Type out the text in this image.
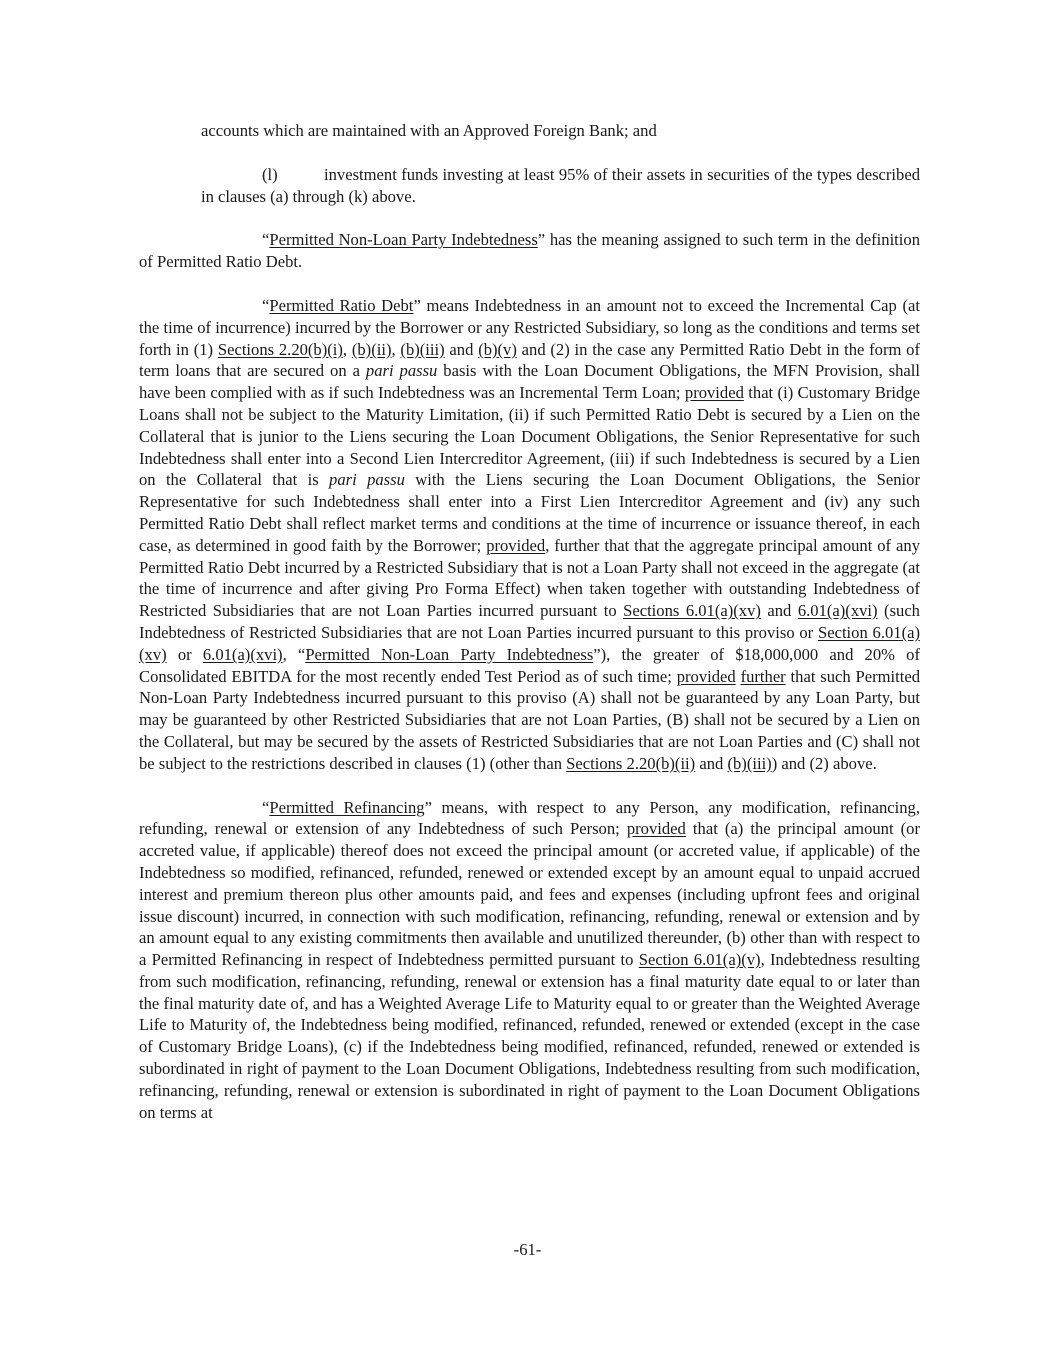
accounts which are maintained with an Approved Foreign Bank; and

(l)	investment funds investing at least 95% of their assets in securities of the types described in clauses (a) through (k) above.

“Permitted Non-Loan Party Indebtedness” has the meaning assigned to such term in the definition of Permitted Ratio Debt.

“Permitted Ratio Debt” means Indebtedness in an amount not to exceed the Incremental Cap (at the time of incurrence) incurred by the Borrower or any Restricted Subsidiary, so long as the conditions and terms set forth in (1) Sections 2.20(b)(i), (b)(ii), (b)(iii) and (b)(v) and (2) in the case any Permitted Ratio Debt in the form of term loans that are secured on a pari passu basis with the Loan Document Obligations, the MFN Provision, shall have been complied with as if such Indebtedness was an Incremental Term Loan; provided that (i) Customary Bridge Loans shall not be subject to the Maturity Limitation, (ii) if such Permitted Ratio Debt is secured by a Lien on the Collateral that is junior to the Liens securing the Loan Document Obligations, the Senior Representative for such Indebtedness shall enter into a Second Lien Intercreditor Agreement, (iii) if such Indebtedness is secured by a Lien on the Collateral that is pari passu with the Liens securing the Loan Document Obligations, the Senior Representative for such Indebtedness shall enter into a First Lien Intercreditor Agreement and (iv) any such Permitted Ratio Debt shall reflect market terms and conditions at the time of incurrence or issuance thereof, in each case, as determined in good faith by the Borrower; provided, further that that the aggregate principal amount of any Permitted Ratio Debt incurred by a Restricted Subsidiary that is not a Loan Party shall not exceed in the aggregate (at the time of incurrence and after giving Pro Forma Effect) when taken together with outstanding Indebtedness of Restricted Subsidiaries that are not Loan Parties incurred pursuant to Sections 6.01(a)(xv) and 6.01(a)(xvi) (such Indebtedness of Restricted Subsidiaries that are not Loan Parties incurred pursuant to this proviso or Section 6.01(a)(xv) or 6.01(a)(xvi), “Permitted Non-Loan Party Indebtedness”), the greater of $18,000,000 and 20% of Consolidated EBITDA for the most recently ended Test Period as of such time; provided further that such Permitted Non-Loan Party Indebtedness incurred pursuant to this proviso (A) shall not be guaranteed by any Loan Party, but may be guaranteed by other Restricted Subsidiaries that are not Loan Parties, (B) shall not be secured by a Lien on the Collateral, but may be secured by the assets of Restricted Subsidiaries that are not Loan Parties and (C) shall not be subject to the restrictions described in clauses (1) (other than Sections 2.20(b)(ii) and (b)(iii)) and (2) above.

“Permitted Refinancing” means, with respect to any Person, any modification, refinancing, refunding, renewal or extension of any Indebtedness of such Person; provided that (a) the principal amount (or accreted value, if applicable) thereof does not exceed the principal amount (or accreted value, if applicable) of the Indebtedness so modified, refinanced, refunded, renewed or extended except by an amount equal to unpaid accrued interest and premium thereon plus other amounts paid, and fees and expenses (including upfront fees and original issue discount) incurred, in connection with such modification, refinancing, refunding, renewal or extension and by an amount equal to any existing commitments then available and unutilized thereunder, (b) other than with respect to a Permitted Refinancing in respect of Indebtedness permitted pursuant to Section 6.01(a)(v), Indebtedness resulting from such modification, refinancing, refunding, renewal or extension has a final maturity date equal to or later than the final maturity date of, and has a Weighted Average Life to Maturity equal to or greater than the Weighted Average Life to Maturity of, the Indebtedness being modified, refinanced, refunded, renewed or extended (except in the case of Customary Bridge Loans), (c) if the Indebtedness being modified, refinanced, refunded, renewed or extended is subordinated in right of payment to the Loan Document Obligations, Indebtedness resulting from such modification, refinancing, refunding, renewal or extension is subordinated in right of payment to the Loan Document Obligations on terms at

-61-
